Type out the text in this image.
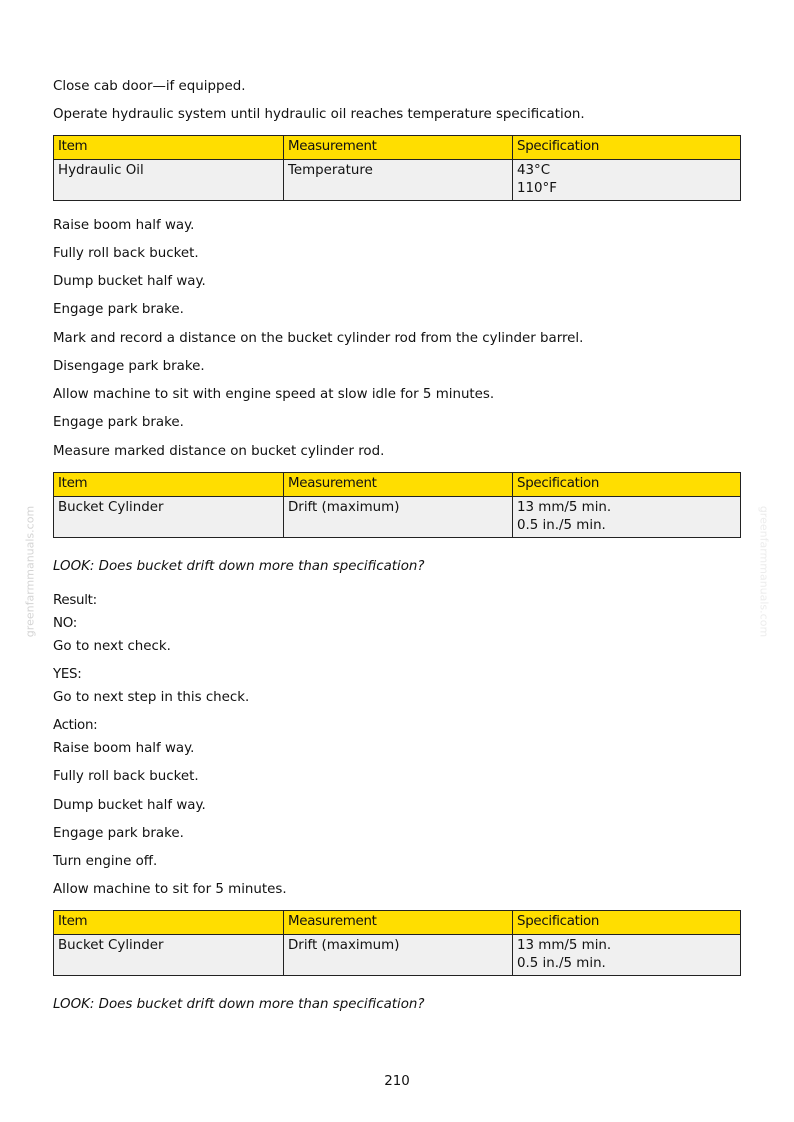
greenfarmmanuals.com	greenfarmmanuals.com

Close cab door—if equipped.

Operate hydraulic system until hydraulic oil reaches temperature specification.

Item	Measurement	Specification
Hydraulic Oil	Temperature	43°C
110°F

Raise boom half way.

Fully roll back bucket.

Dump bucket half way.

Engage park brake.

Mark and record a distance on the bucket cylinder rod from the cylinder barrel.

Disengage park brake.

Allow machine to sit with engine speed at slow idle for 5 minutes.

Engage park brake.

Measure marked distance on bucket cylinder rod.

Item	Measurement	Specification
Bucket Cylinder	Drift (maximum)	13 mm/5 min.
0.5 in./5 min.

LOOK: Does bucket drift down more than specification?

Result:

NO:

Go to next check.

YES:

Go to next step in this check.

Action:

Raise boom half way.

Fully roll back bucket.

Dump bucket half way.

Engage park brake.

Turn engine off.

Allow machine to sit for 5 minutes.

Item	Measurement	Specification
Bucket Cylinder	Drift (maximum)	13 mm/5 min.
0.5 in./5 min.

LOOK: Does bucket drift down more than specification?

210
